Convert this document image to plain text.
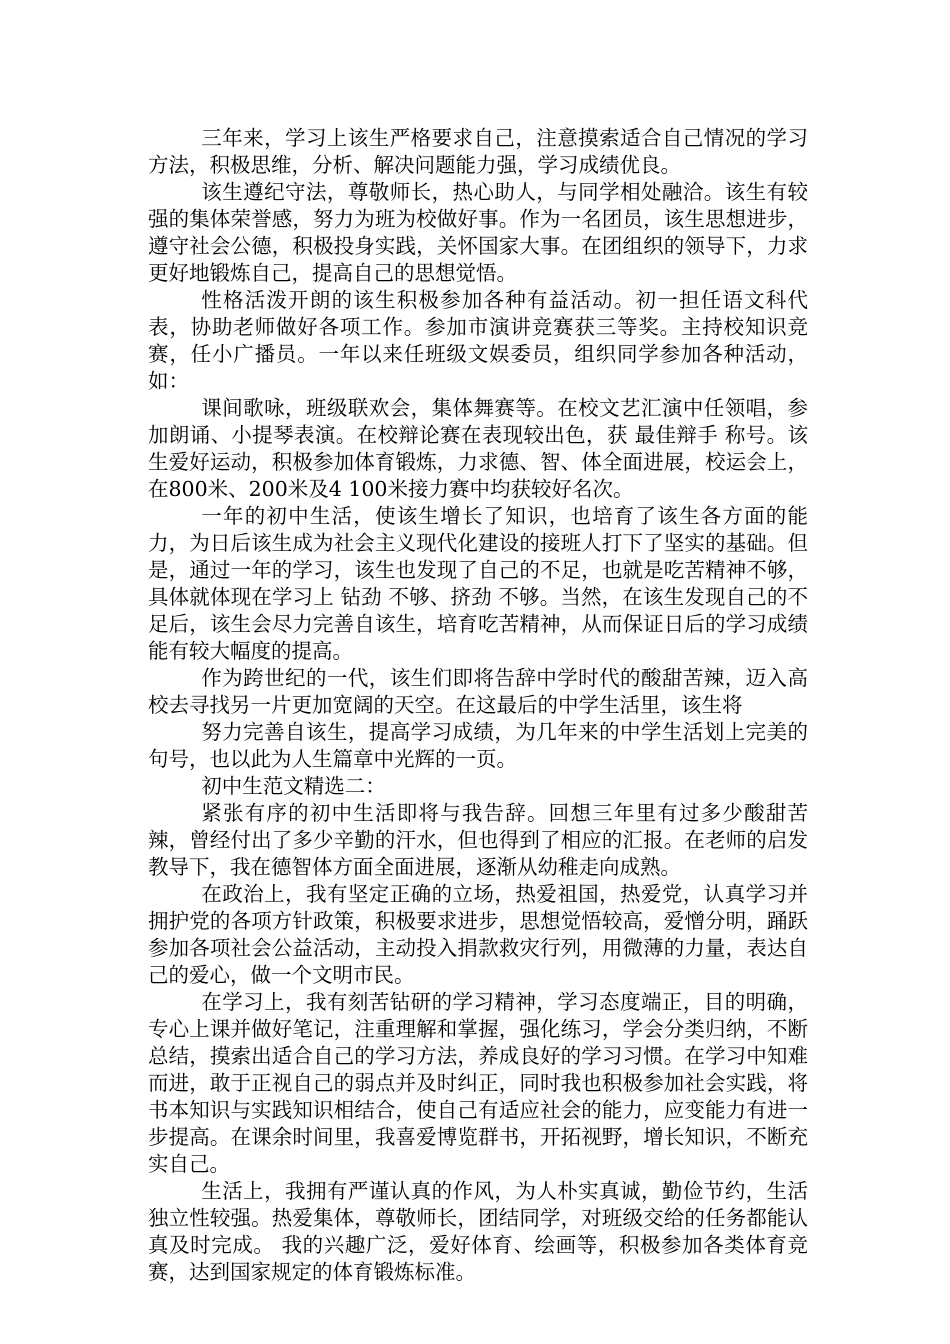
三年来，学习上该生严格要求自己，注意摸索适合自己情况的学习方法，积极思维，分析、解决问题能力强，学习成绩优良。

该生遵纪守法，尊敬师长，热心助人，与同学相处融洽。该生有较强的集体荣誉感，努力为班为校做好事。作为一名团员，该生思想进步，遵守社会公德，积极投身实践，关怀国家大事。在团组织的领导下，力求更好地锻炼自己，提高自己的思想觉悟。

性格活泼开朗的该生积极参加各种有益活动。初一担任语文科代表，协助老师做好各项工作。参加市演讲竞赛获三等奖。主持校知识竞赛，任小广播员。一年以来任班级文娱委员，组织同学参加各种活动，如：

课间歌咏，班级联欢会，集体舞赛等。在校文艺汇演中任领唱，参加朗诵、小提琴表演。在校辩论赛在表现较出色，获 最佳辩手 称号。该生爱好运动，积极参加体育锻炼，力求德、智、体全面进展，校运会上，在800米、200米及4 100米接力赛中均获较好名次。

一年的初中生活，使该生增长了知识，也培育了该生各方面的能力，为日后该生成为社会主义现代化建设的接班人打下了坚实的基础。但是，通过一年的学习，该生也发现了自己的不足，也就是吃苦精神不够，具体就体现在学习上 钻劲 不够、挤劲 不够。当然，在该生发现自己的不足后，该生会尽力完善自该生，培育吃苦精神，从而保证日后的学习成绩能有较大幅度的提高。

作为跨世纪的一代，该生们即将告辞中学时代的酸甜苦辣，迈入高校去寻找另一片更加宽阔的天空。在这最后的中学生活里，该生将

努力完善自该生，提高学习成绩，为几年来的中学生活划上完美的句号，也以此为人生篇章中光辉的一页。

初中生范文精选二：

紧张有序的初中生活即将与我告辞。回想三年里有过多少酸甜苦辣，曾经付出了多少辛勤的汗水，但也得到了相应的汇报。在老师的启发教导下，我在德智体方面全面进展，逐渐从幼稚走向成熟。

在政治上，我有坚定正确的立场，热爱祖国，热爱党，认真学习并拥护党的各项方针政策，积极要求进步，思想觉悟较高，爱憎分明，踊跃参加各项社会公益活动，主动投入捐款救灾行列，用微薄的力量，表达自己的爱心，做一个文明市民。

在学习上，我有刻苦钻研的学习精神，学习态度端正，目的明确，专心上课并做好笔记，注重理解和掌握，强化练习，学会分类归纳，不断总结，摸索出适合自己的学习方法，养成良好的学习习惯。在学习中知难而进，敢于正视自己的弱点并及时纠正，同时我也积极参加社会实践，将书本知识与实践知识相结合，使自己有适应社会的能力，应变能力有进一步提高。在课余时间里，我喜爱博览群书，开拓视野，增长知识，不断充实自己。

生活上，我拥有严谨认真的作风，为人朴实真诚，勤俭节约，生活独立性较强。热爱集体，尊敬师长，团结同学，对班级交给的任务都能认真及时完成。 我的兴趣广泛，爱好体育、绘画等，积极参加各类体育竞赛，达到国家规定的体育锻炼标准。
